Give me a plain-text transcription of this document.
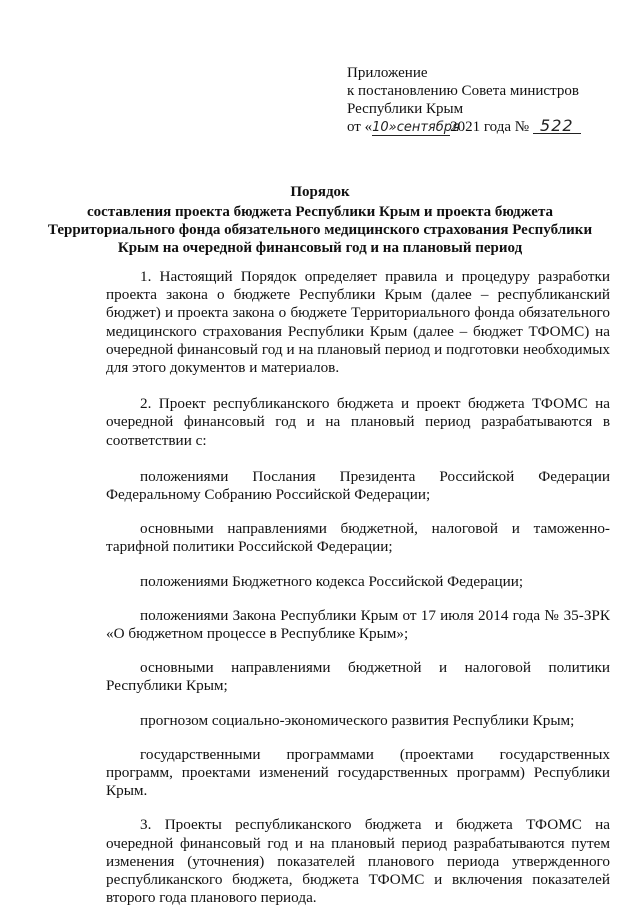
Приложение
к постановлению Совета министров
Республики Крым
от «10»сентября2021 года № 522
Порядок
составления проекта бюджета Республики Крым и проекта бюджета Территориального фонда обязательного медицинского страхования Республики Крым на очередной финансовый год и на плановый период

1. Настоящий Порядок определяет правила и процедуру разработки проекта закона о бюджете Республики Крым (далее – республиканский бюджет) и проекта закона о бюджете Территориального фонда обязательного медицинского страхования Республики Крым (далее – бюджет ТФОМС) на очередной финансовый год и на плановый период и подготовки необходимых для этого документов и материалов.

2. Проект республиканского бюджета и проект бюджета ТФОМС на очередной финансовый год и на плановый период разрабатываются в соответствии с:

положениями Послания Президента Российской Федерации Федеральному Собранию Российской Федерации;

основными направлениями бюджетной, налоговой и таможенно-тарифной политики Российской Федерации;

положениями Бюджетного кодекса Российской Федерации;

положениями Закона Республики Крым от 17 июля 2014 года № 35-ЗРК «О бюджетном процессе в Республике Крым»;

основными направлениями бюджетной и налоговой политики Республики Крым;

прогнозом социально-экономического развития Республики Крым;

государственными программами (проектами государственных программ, проектами изменений государственных программ) Республики Крым.

3. Проекты республиканского бюджета и бюджета ТФОМС на очередной финансовый год и на плановый период разрабатываются путем изменения (уточнения) показателей планового периода утвержденного республиканского бюджета, бюджета ТФОМС и включения показателей второго года планового периода.
